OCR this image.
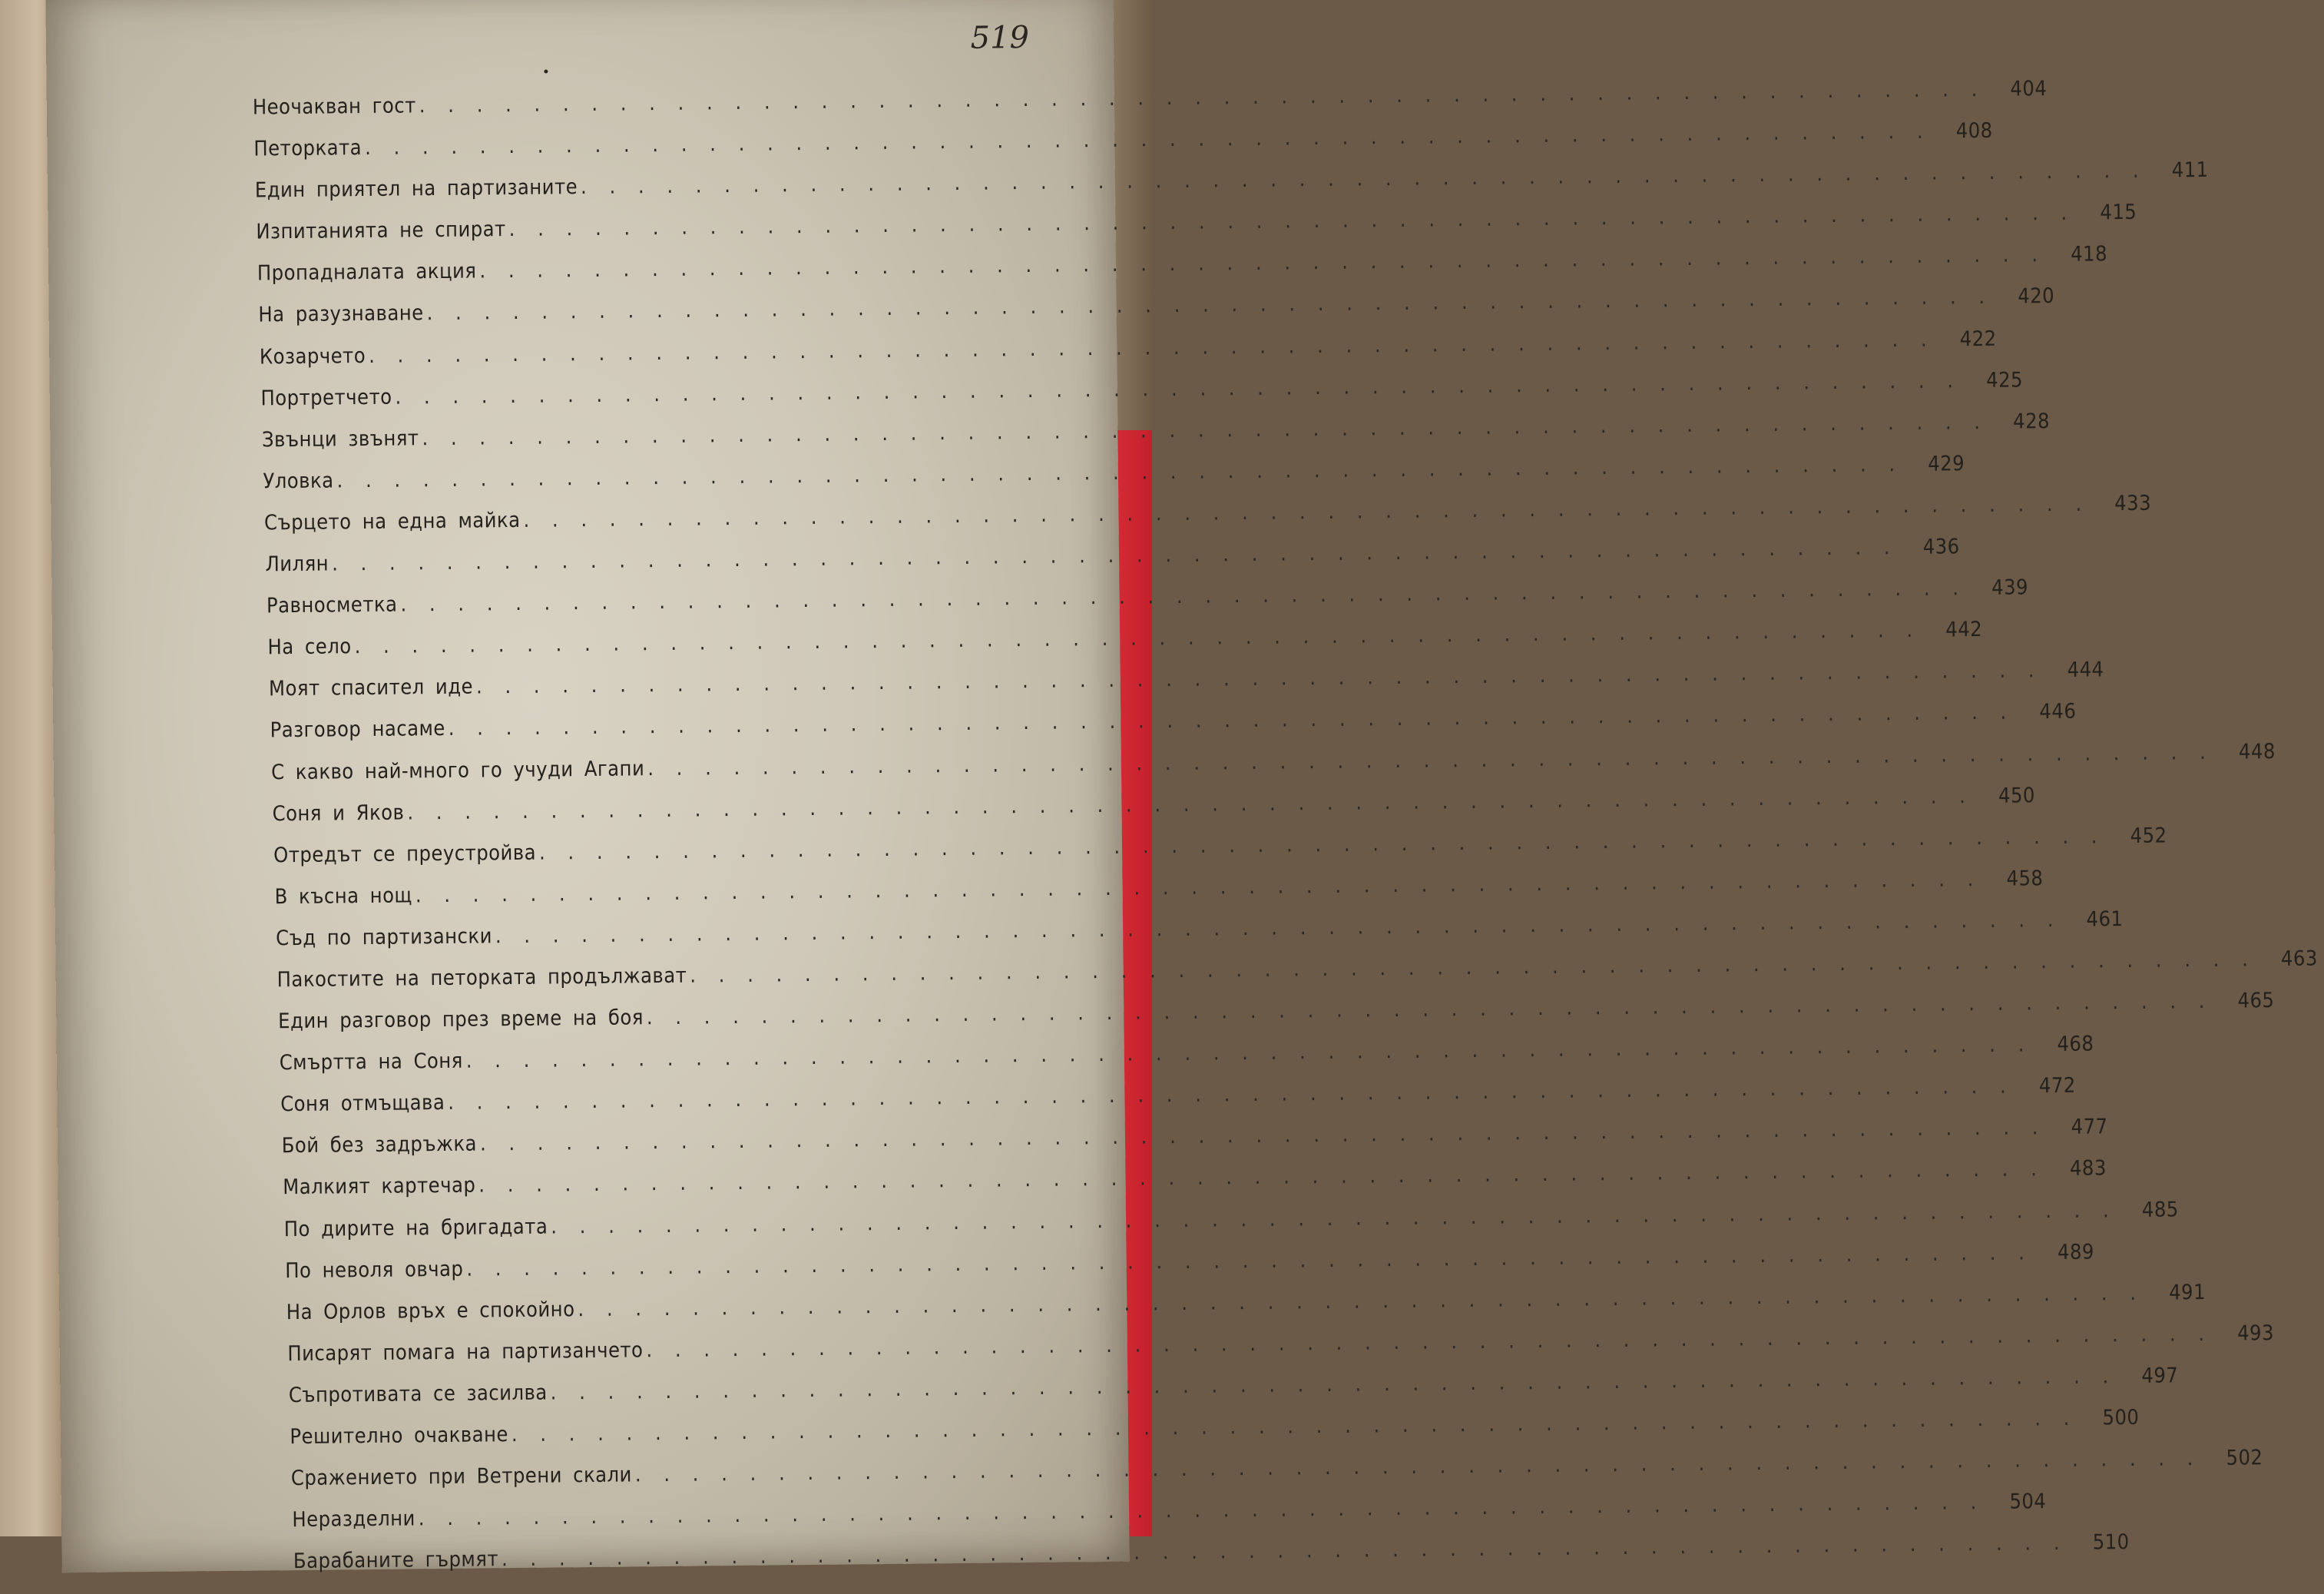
519
Неочакван гост
. . .
404
Петорката
. . .
408
Един приятел на партизаните
. . .
411
Изпитанията не спират
. . .
415
Пропадналата акция
. . .
418
На разузнаване
. . .
420
Козарчето
. . .
422
Портретчето
. . .
425
Звънци звънят
. . .
428
Уловка
. . .
429
Сърцето на една майка
. . .
433
Лилян
. . .
436
Равносметка
. . .
439
На село
. . .
442
Моят спасител иде
. . .
444
Разговор насаме
. . .
446
С какво най-много го учуди Агапи
. . .
448
Соня и Яков
. . .
450
Отредът се преустройва
. . .
452
В късна нощ
. . .
458
Съд по партизански
. . .
461
Пакостите на петорката продължават
. . .
463
Един разговор през време на боя
. . .
465
Смъртта на Соня
. . .
468
Соня отмъщава
. . .
472
Бой без задръжка
. . .
477
Малкият картечар
. . .
483
По дирите на бригадата
. . .
485
По неволя овчар
. . .
489
На Орлов връх е спокойно
. . .
491
Писарят помага на партизанчето
. . .
493
Съпротивата се засилва
. . .
497
Решително очакване
. . .
500
Сражението при Ветрени скали
. . .
502
Неразделни
. . .
504
Барабаните гърмят
. . .
510
